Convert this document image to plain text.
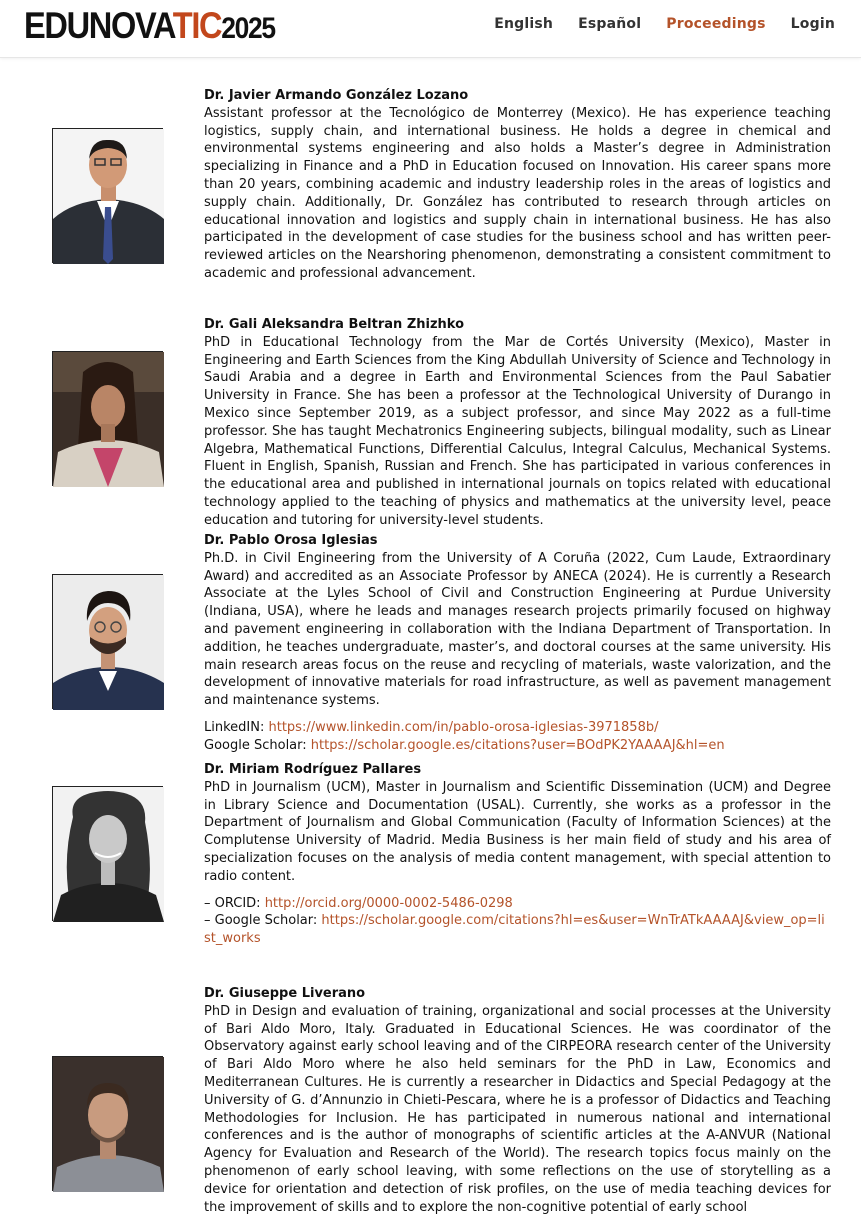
EDUNOVATIC2025	English Español Proceedings Login
Dr. Javier Armando González Lozano
Assistant professor at the Tecnológico de Monterrey (Mexico). He has experience teaching logistics, supply chain, and international business. He holds a degree in chemical and environmental systems engineering and also holds a Master’s degree in Administration specializing in Finance and a PhD in Education focused on Innovation. His career spans more than 20 years, combining academic and industry leadership roles in the areas of logistics and supply chain. Additionally, Dr. González has contributed to research through articles on educational innovation and logistics and supply chain in international business. He has also participated in the development of case studies for the business school and has written peer-reviewed articles on the Nearshoring phenomenon, demonstrating a consistent commitment to academic and professional advancement.
Dr. Gali Aleksandra Beltran Zhizhko
PhD in Educational Technology from the Mar de Cortés University (Mexico), Master in Engineering and Earth Sciences from the King Abdullah University of Science and Technology in Saudi Arabia and a degree in Earth and Environmental Sciences from the Paul Sabatier University in France. She has been a professor at the Technological University of Durango in Mexico since September 2019, as a subject professor, and since May 2022 as a full-time professor. She has taught Mechatronics Engineering subjects, bilingual modality, such as Linear Algebra, Mathematical Functions, Differential Calculus, Integral Calculus, Mechanical Systems. Fluent in English, Spanish, Russian and French. She has participated in various conferences in the educational area and published in international journals on topics related with educational technology applied to the teaching of physics and mathematics at the university level, peace education and tutoring for university-level students.
Dr. Pablo Orosa Iglesias
Ph.D. in Civil Engineering from the University of A Coruña (2022, Cum Laude, Extraordinary Award) and accredited as an Associate Professor by ANECA (2024). He is currently a Research Associate at the Lyles School of Civil and Construction Engineering at Purdue University (Indiana, USA), where he leads and manages research projects primarily focused on highway and pavement engineering in collaboration with the Indiana Department of Transportation. In addition, he teaches undergraduate, master’s, and doctoral courses at the same university. His main research areas focus on the reuse and recycling of materials, waste valorization, and the development of innovative materials for road infrastructure, as well as pavement management and maintenance systems.
LinkedIN: https://www.linkedin.com/in/pablo-orosa-iglesias-3971858b/
Google Scholar: https://scholar.google.es/citations?user=BOdPK2YAAAAJ&hl=en
Dr. Miriam Rodríguez Pallares
PhD in Journalism (UCM), Master in Journalism and Scientific Dissemination (UCM) and Degree in Library Science and Documentation (USAL). Currently, she works as a professor in the Department of Journalism and Global Communication (Faculty of Information Sciences) at the Complutense University of Madrid. Media Business is her main field of study and his area of specialization focuses on the analysis of media content management, with special attention to radio content.
– ORCID: http://orcid.org/0000-0002-5486-0298
– Google Scholar: https://scholar.google.com/citations?hl=es&user=WnTrATkAAAAJ&view_op=list_works
Dr. Giuseppe Liverano
PhD in Design and evaluation of training, organizational and social processes at the University of Bari Aldo Moro, Italy. Graduated in Educational Sciences. He was coordinator of the Observatory against early school leaving and of the CIRPEORA research center of the University of Bari Aldo Moro where he also held seminars for the PhD in Law, Economics and Mediterranean Cultures. He is currently a researcher in Didactics and Special Pedagogy at the University of G. d’Annunzio in Chieti-Pescara, where he is a professor of Didactics and Teaching Methodologies for Inclusion. He has participated in numerous national and international conferences and is the author of monographs of scientific articles at the A-ANVUR (National Agency for Evaluation and Research of the World). The research topics focus mainly on the phenomenon of early school leaving, with some reflections on the use of storytelling as a device for orientation and detection of risk profiles, on the use of media teaching devices for the improvement of skills and to explore the non-cognitive potential of early school
